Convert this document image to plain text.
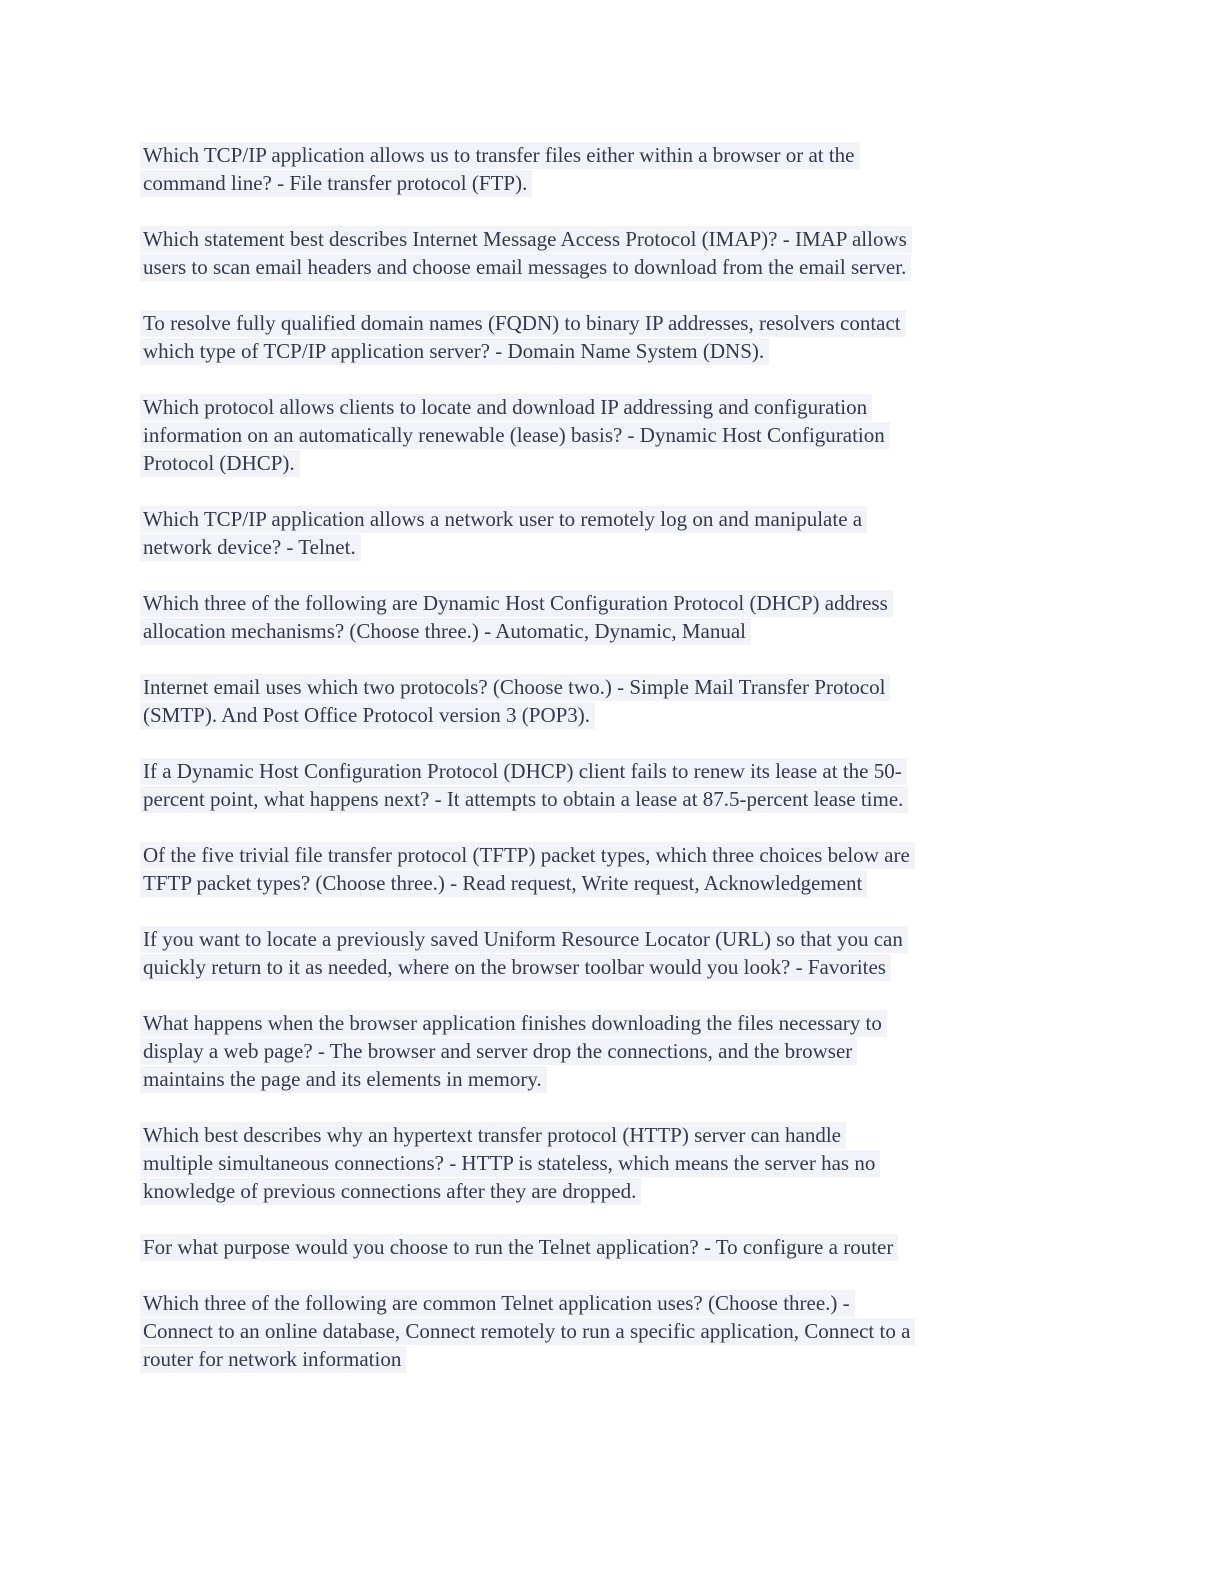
Which TCP/IP application allows us to transfer files either within a browser or at the
command line? - File transfer protocol (FTP).
Which statement best describes Internet Message Access Protocol (IMAP)? - IMAP allows
users to scan email headers and choose email messages to download from the email server.
To resolve fully qualified domain names (FQDN) to binary IP addresses, resolvers contact
which type of TCP/IP application server? - Domain Name System (DNS).
Which protocol allows clients to locate and download IP addressing and configuration
information on an automatically renewable (lease) basis? - Dynamic Host Configuration
Protocol (DHCP).
Which TCP/IP application allows a network user to remotely log on and manipulate a
network device? - Telnet.
Which three of the following are Dynamic Host Configuration Protocol (DHCP) address
allocation mechanisms? (Choose three.) - Automatic, Dynamic, Manual
Internet email uses which two protocols? (Choose two.) - Simple Mail Transfer Protocol
(SMTP). And Post Office Protocol version 3 (POP3).
If a Dynamic Host Configuration Protocol (DHCP) client fails to renew its lease at the 50-
percent point, what happens next? - It attempts to obtain a lease at 87.5-percent lease time.
Of the five trivial file transfer protocol (TFTP) packet types, which three choices below are
TFTP packet types? (Choose three.) - Read request, Write request, Acknowledgement
If you want to locate a previously saved Uniform Resource Locator (URL) so that you can
quickly return to it as needed, where on the browser toolbar would you look? - Favorites
What happens when the browser application finishes downloading the files necessary to
display a web page? - The browser and server drop the connections, and the browser
maintains the page and its elements in memory.
Which best describes why an hypertext transfer protocol (HTTP) server can handle
multiple simultaneous connections? - HTTP is stateless, which means the server has no
knowledge of previous connections after they are dropped.
For what purpose would you choose to run the Telnet application? - To configure a router
Which three of the following are common Telnet application uses? (Choose three.) -
Connect to an online database, Connect remotely to run a specific application, Connect to a
router for network information
